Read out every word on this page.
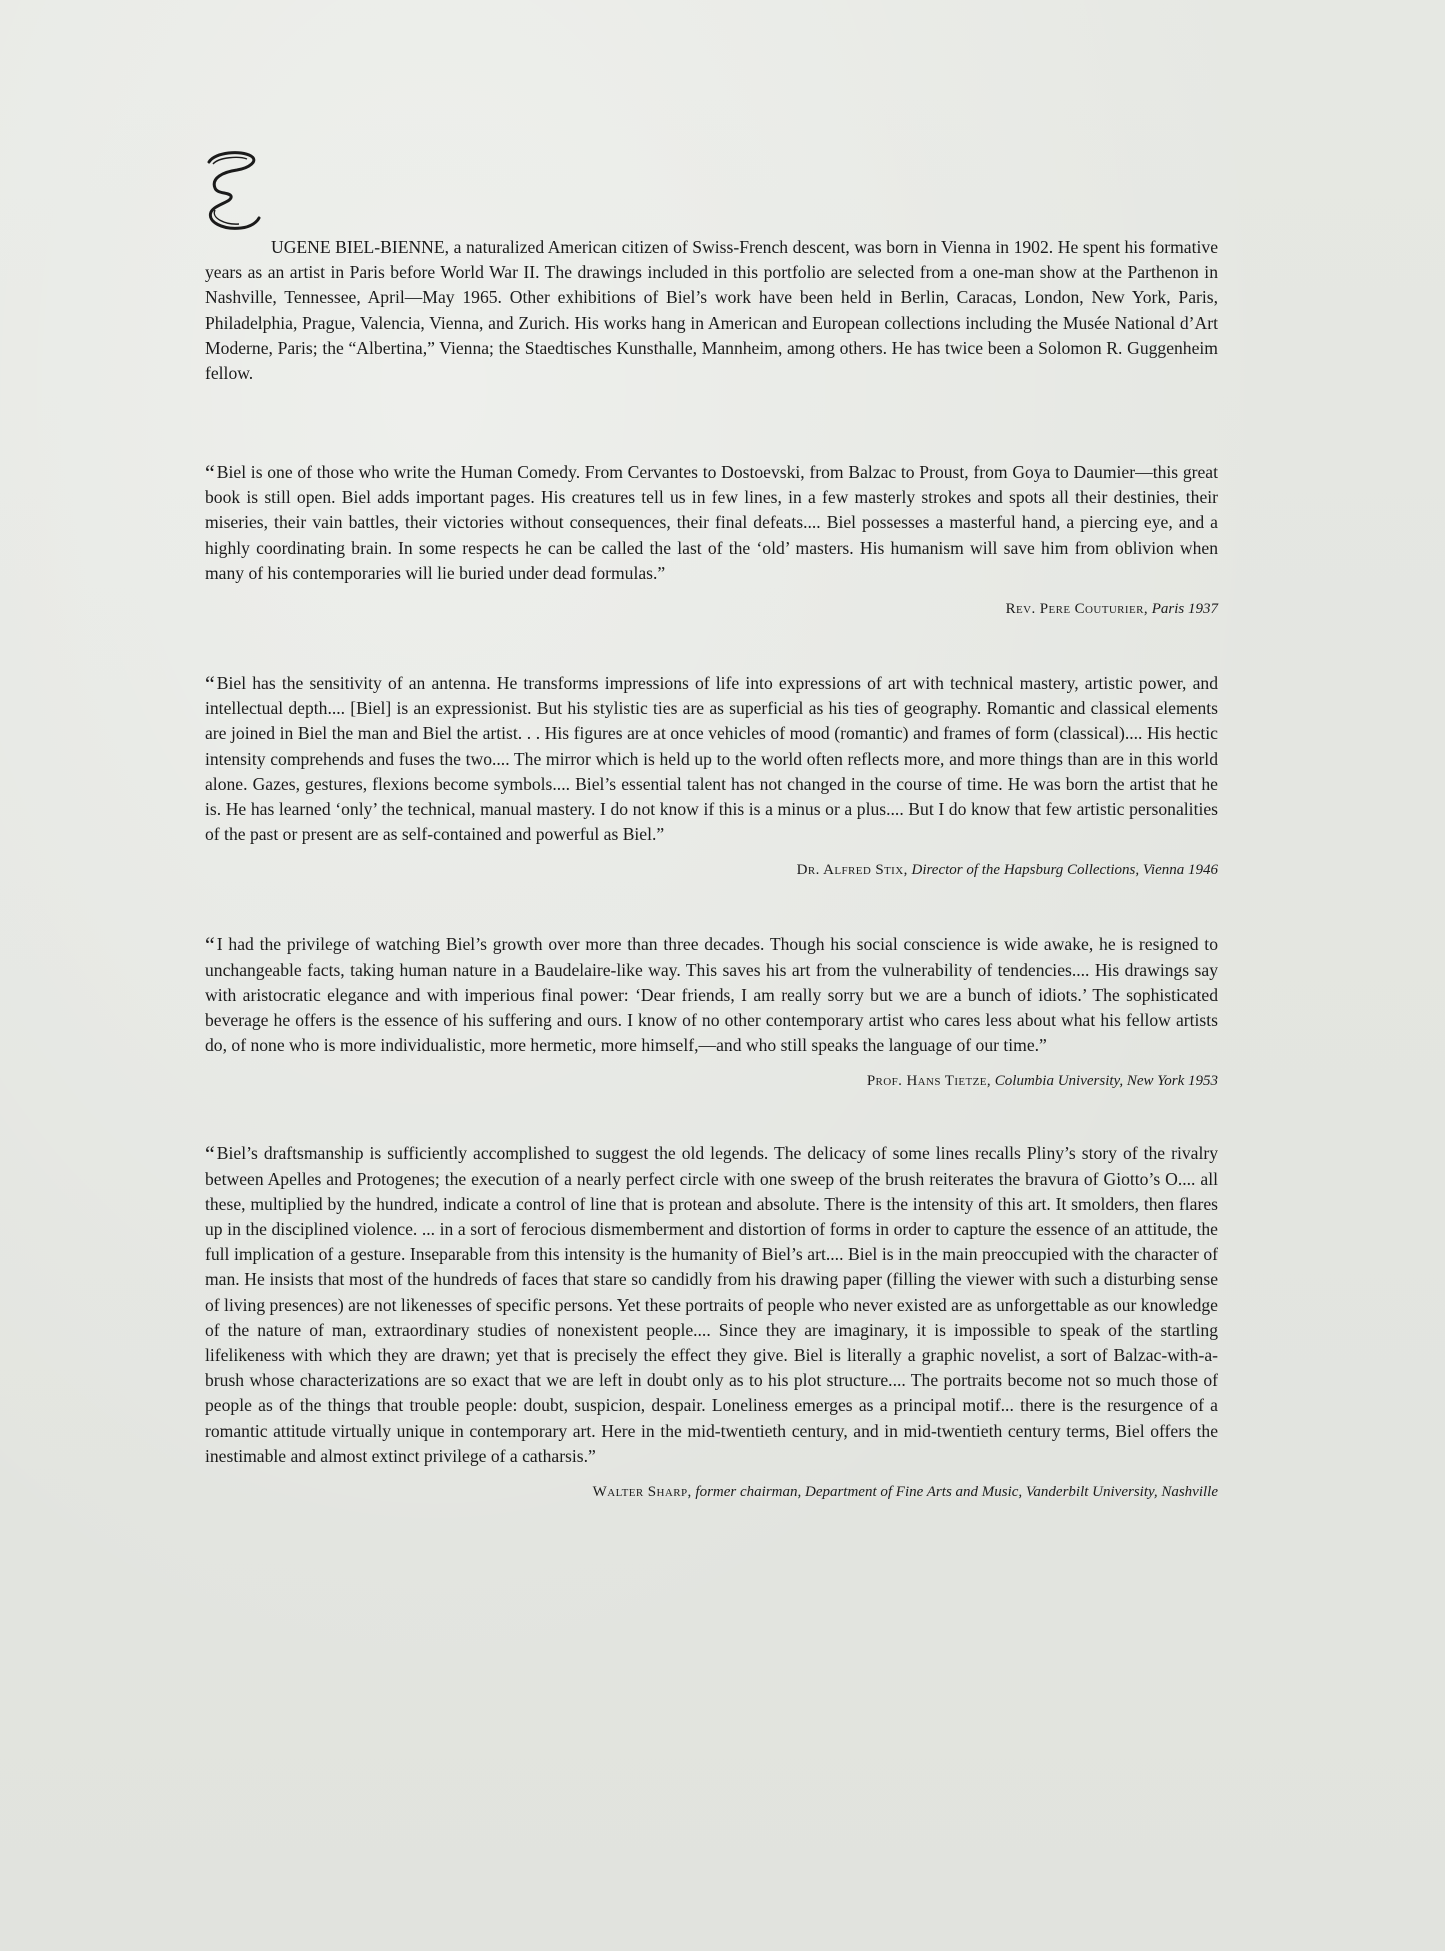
UGENE BIEL-BIENNE, a naturalized American citizen of Swiss-French descent, was born in Vienna in 1902. He spent his formative years as an artist in Paris before World War II. The drawings included in this portfolio are selected from a one-man show at the Parthenon in Nashville, Tennessee, April—May 1965. Other exhibitions of Biel’s work have been held in Berlin, Caracas, London, New York, Paris, Philadelphia, Prague, Valencia, Vienna, and Zurich. His works hang in American and European collections including the Musée National d’Art Moderne, Paris; the “Albertina,” Vienna; the Staedtisches Kunsthalle, Mannheim, among others. He has twice been a Solomon R. Guggenheim fellow.

“ Biel is one of those who write the Human Comedy. From Cervantes to Dostoevski, from Balzac to Proust, from Goya to Daumier—this great book is still open. Biel adds important pages. His creatures tell us in few lines, in a few masterly strokes and spots all their destinies, their miseries, their vain battles, their victories without consequences, their final defeats.... Biel possesses a masterful hand, a piercing eye, and a highly coordinating brain. In some respects he can be called the last of the ‘old’ masters. His humanism will save him from oblivion when many of his contemporaries will lie buried under dead formulas.”

Rev. Pere Couturier, Paris 1937

“ Biel has the sensitivity of an antenna. He transforms impressions of life into expressions of art with technical mastery, artistic power, and intellectual depth.... [Biel] is an expressionist. But his stylistic ties are as superficial as his ties of geography. Romantic and classical elements are joined in Biel the man and Biel the artist. . . His figures are at once vehicles of mood (romantic) and frames of form (classical).... His hectic intensity comprehends and fuses the two.... The mirror which is held up to the world often reflects more, and more things than are in this world alone. Gazes, gestures, flexions become symbols.... Biel’s essential talent has not changed in the course of time. He was born the artist that he is. He has learned ‘only’ the technical, manual mastery. I do not know if this is a minus or a plus.... But I do know that few artistic personalities of the past or present are as self-contained and powerful as Biel.”

Dr. Alfred Stix, Director of the Hapsburg Collections, Vienna 1946

“ I had the privilege of watching Biel’s growth over more than three decades. Though his social conscience is wide awake, he is resigned to unchangeable facts, taking human nature in a Baudelaire-like way. This saves his art from the vulnerability of tendencies.... His drawings say with aristocratic elegance and with imperious final power: ‘Dear friends, I am really sorry but we are a bunch of idiots.’ The sophisticated beverage he offers is the essence of his suffering and ours. I know of no other contemporary artist who cares less about what his fellow artists do, of none who is more individualistic, more hermetic, more himself,—and who still speaks the language of our time.”

Prof. Hans Tietze, Columbia University, New York 1953

“ Biel’s draftsmanship is sufficiently accomplished to suggest the old legends. The delicacy of some lines recalls Pliny’s story of the rivalry between Apelles and Protogenes; the execution of a nearly perfect circle with one sweep of the brush reiterates the bravura of Giotto’s O.... all these, multiplied by the hundred, indicate a control of line that is protean and absolute. There is the intensity of this art. It smolders, then flares up in the disciplined violence. ... in a sort of ferocious dismemberment and distortion of forms in order to capture the essence of an attitude, the full implication of a gesture. Inseparable from this intensity is the humanity of Biel’s art.... Biel is in the main preoccupied with the character of man. He insists that most of the hundreds of faces that stare so candidly from his drawing paper (filling the viewer with such a disturbing sense of living presences) are not likenesses of specific persons. Yet these portraits of people who never existed are as unforgettable as our knowledge of the nature of man, extraordinary studies of nonexistent people.... Since they are imaginary, it is impossible to speak of the startling lifelikeness with which they are drawn; yet that is precisely the effect they give. Biel is literally a graphic novelist, a sort of Balzac-with-a-brush whose characterizations are so exact that we are left in doubt only as to his plot structure.... The portraits become not so much those of people as of the things that trouble people: doubt, suspicion, despair. Loneliness emerges as a principal motif... there is the resurgence of a romantic attitude virtually unique in contemporary art. Here in the mid-twentieth century, and in mid-twentieth century terms, Biel offers the inestimable and almost extinct privilege of a catharsis.”

Walter Sharp, former chairman, Department of Fine Arts and Music, Vanderbilt University, Nashville
